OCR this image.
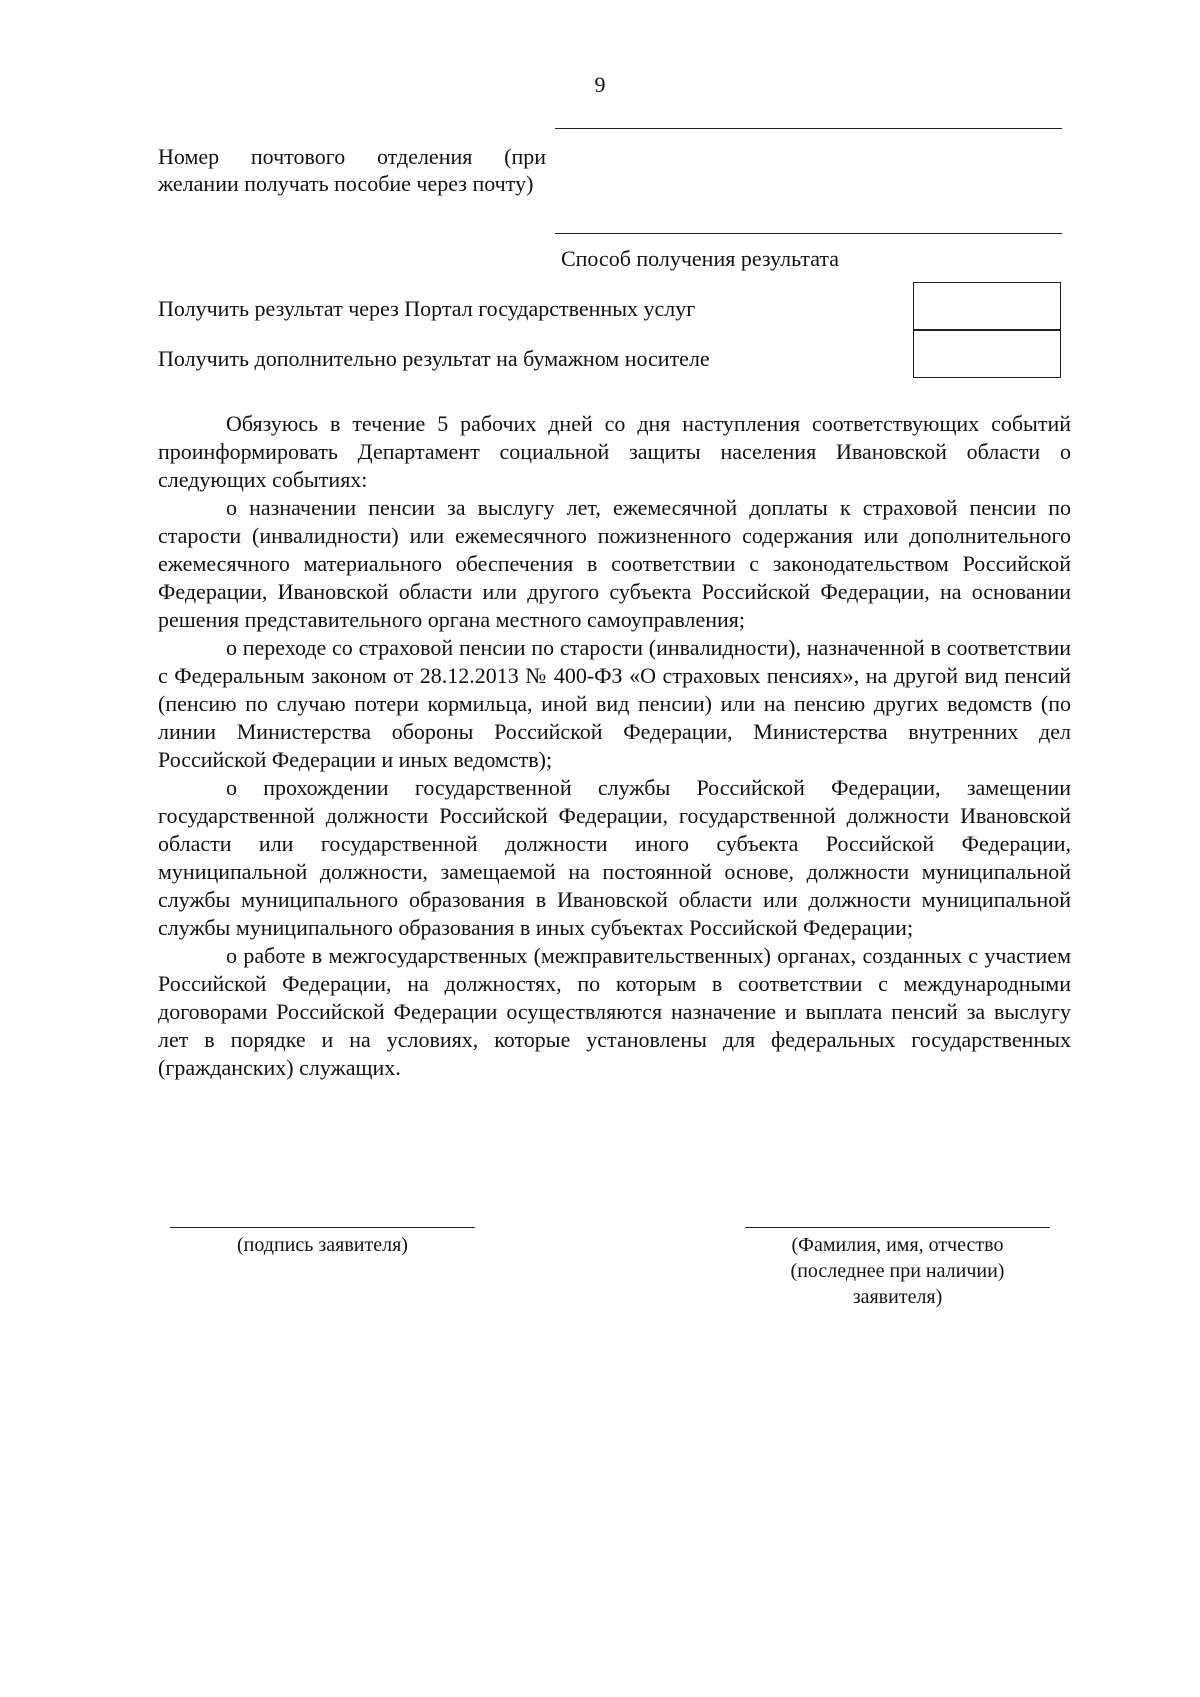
9
Номер почтового отделения (при желании получать пособие через почту)
Способ получения результата
Получить результат через Портал государственных услуг
Получить дополнительно результат на бумажном носителе

Обязуюсь в течение 5 рабочих дней со дня наступления соответствующих событий проинформировать Департамент социальной защиты населения Ивановской области о следующих событиях:

о назначении пенсии за выслугу лет, ежемесячной доплаты к страховой пенсии по старости (инвалидности) или ежемесячного пожизненного содержания или дополнительного ежемесячного материального обеспечения в соответствии с законодательством Российской Федерации, Ивановской области или другого субъекта Российской Федерации, на основании решения представительного органа местного самоуправления;

о переходе со страховой пенсии по старости (инвалидности), назначенной в соответствии с Федеральным законом от 28.12.2013 № 400-ФЗ «О страховых пенсиях», на другой вид пенсий (пенсию по случаю потери кормильца, иной вид пенсии) или на пенсию других ведомств (по линии Министерства обороны Российской Федерации, Министерства внутренних дел Российской Федерации и иных ведомств);

о прохождении государственной службы Российской Федерации, замещении государственной должности Российской Федерации, государственной должности Ивановской области или государственной должности иного субъекта Российской Федерации, муниципальной должности, замещаемой на постоянной основе, должности муниципальной службы муниципального образования в Ивановской области или должности муниципальной службы муниципального образования в иных субъектах Российской Федерации;

о работе в межгосударственных (межправительственных) органах, созданных с участием Российской Федерации, на должностях, по которым в соответствии с международными договорами Российской Федерации осуществляются назначение и выплата пенсий за выслугу лет в порядке и на условиях, которые установлены для федеральных государственных (гражданских) служащих.

(подпись заявителя)	(Фамилия, имя, отчество
(последнее при наличии)
заявителя)
